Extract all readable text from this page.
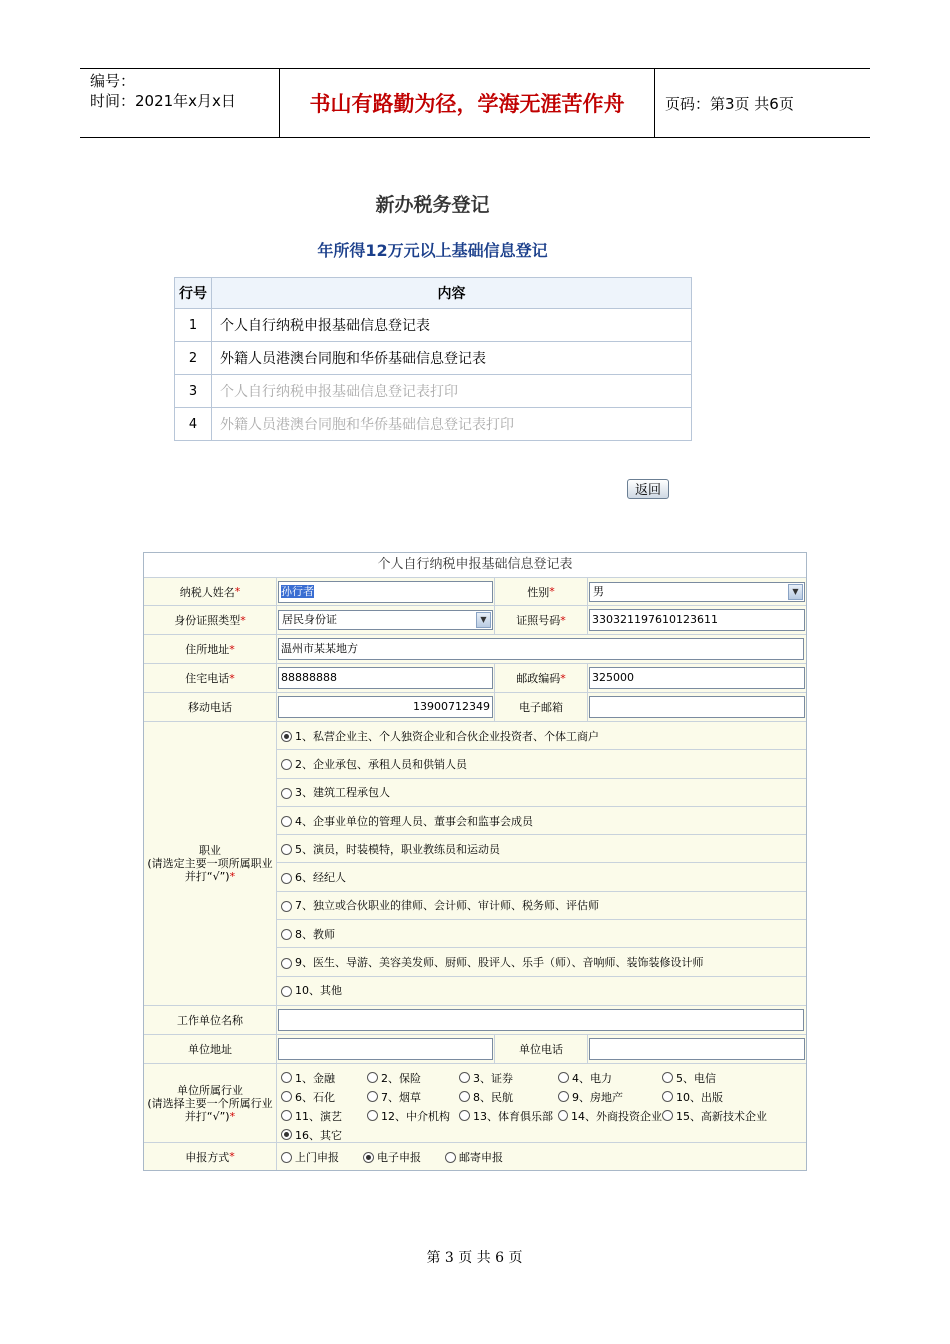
编号：
时间：2021年x月x日	书山有路勤为径，学海无涯苦作舟	页码：第3页 共6页
新办税务登记
年所得12万元以上基础信息登记
行号	内容
1	个人自行纳税申报基础信息登记表
2	外籍人员港澳台同胞和华侨基础信息登记表
3	个人自行纳税申报基础信息登记表打印
4	外籍人员港澳台同胞和华侨基础信息登记表打印
返回
个人自行纳税申报基础信息登记表
纳税人姓名 *	孙行者	性别 *	男	▼
身份证照类型 *	居民身份证	▼	证照号码 * 330321197610123611
住所地址 *	温州市某某地方
住宅电话 *	88888888	邮政编码 * 325000
移动电话	13900712349	电子邮箱
职业
(请选定主要一项所属职业
并打“√”)*
1、私营企业主、个人独资企业和合伙企业投资者、个体工商户
2、企业承包、承租人员和供销人员
3、建筑工程承包人
4、企事业单位的管理人员、董事会和监事会成员
5、演员，时装模特，职业教练员和运动员
6、经纪人
7、独立或合伙职业的律师、会计师、审计师、税务师、评估师
8、教师
9、医生、导游、美容美发师、厨师、股评人、乐手（师）、音响师、装饰装修设计师
10、其他
工作单位名称
单位地址	单位电话
单位所属行业
(请选择主要一个所属行业
并打“√”)*
1、金融	2、保险	3、证券	4、电力	5、电信
6、石化	7、烟草	8、民航	9、房地产	10、出版
11、演艺	12、中介机构 13、体育俱乐部 14、外商投资企业 15、高新技术企业
16、其它
申报方式 *	上门申报	电子申报	邮寄申报
第 3 页 共 6 页
